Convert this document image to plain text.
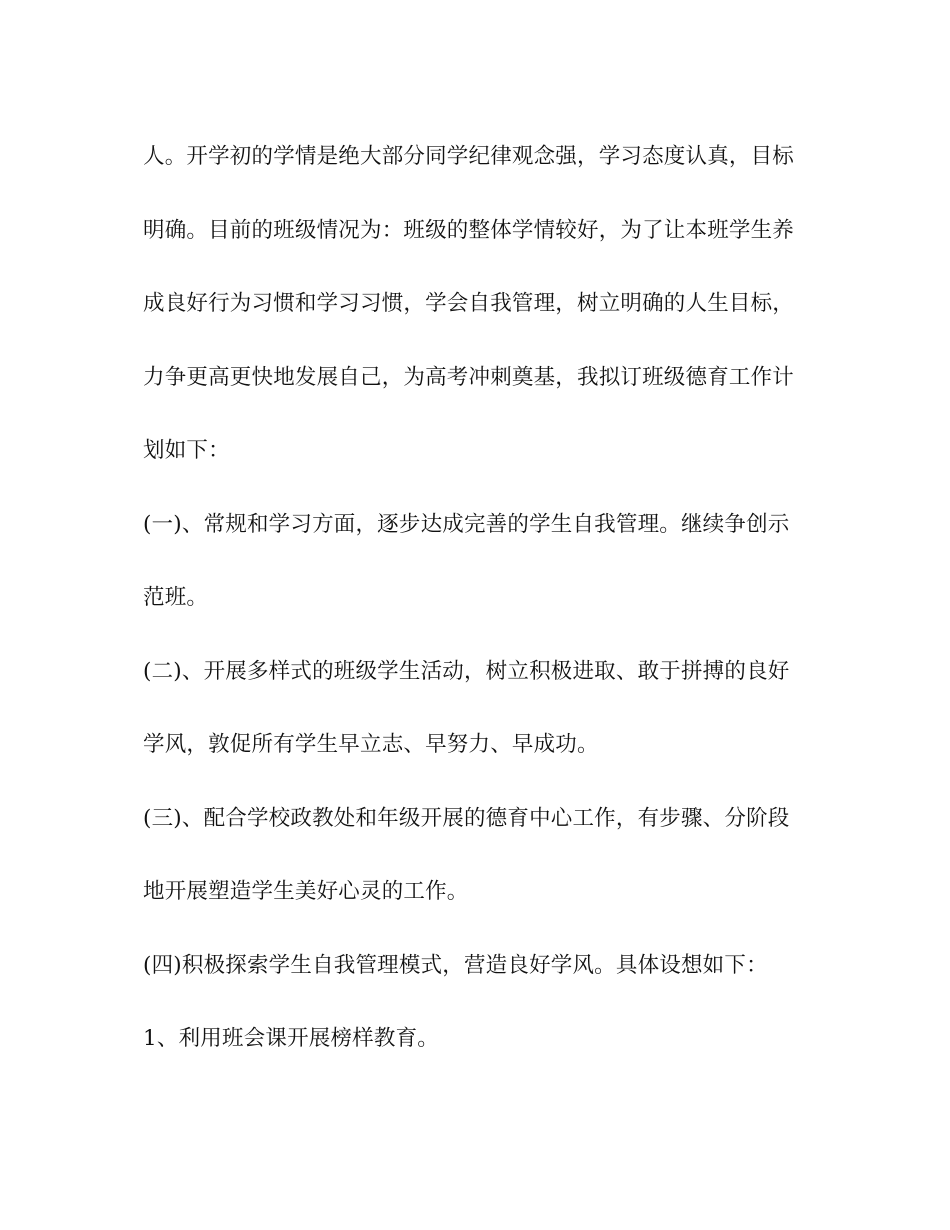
人。开学初的学情是绝大部分同学纪律观念强，学习态度认真，目标
明确。目前的班级情况为：班级的整体学情较好，为了让本班学生养
成良好行为习惯和学习习惯，学会自我管理，树立明确的人生目标，
力争更高更快地发展自己，为高考冲刺奠基，我拟订班级德育工作计
划如下：
(一)、常规和学习方面，逐步达成完善的学生自我管理。继续争创示
范班。
(二)、开展多样式的班级学生活动，树立积极进取、敢于拼搏的良好
学风，敦促所有学生早立志、早努力、早成功。
(三)、配合学校政教处和年级开展的德育中心工作，有步骤、分阶段
地开展塑造学生美好心灵的工作。
(四)积极探索学生自我管理模式，营造良好学风。具体设想如下：
1、利用班会课开展榜样教育。
